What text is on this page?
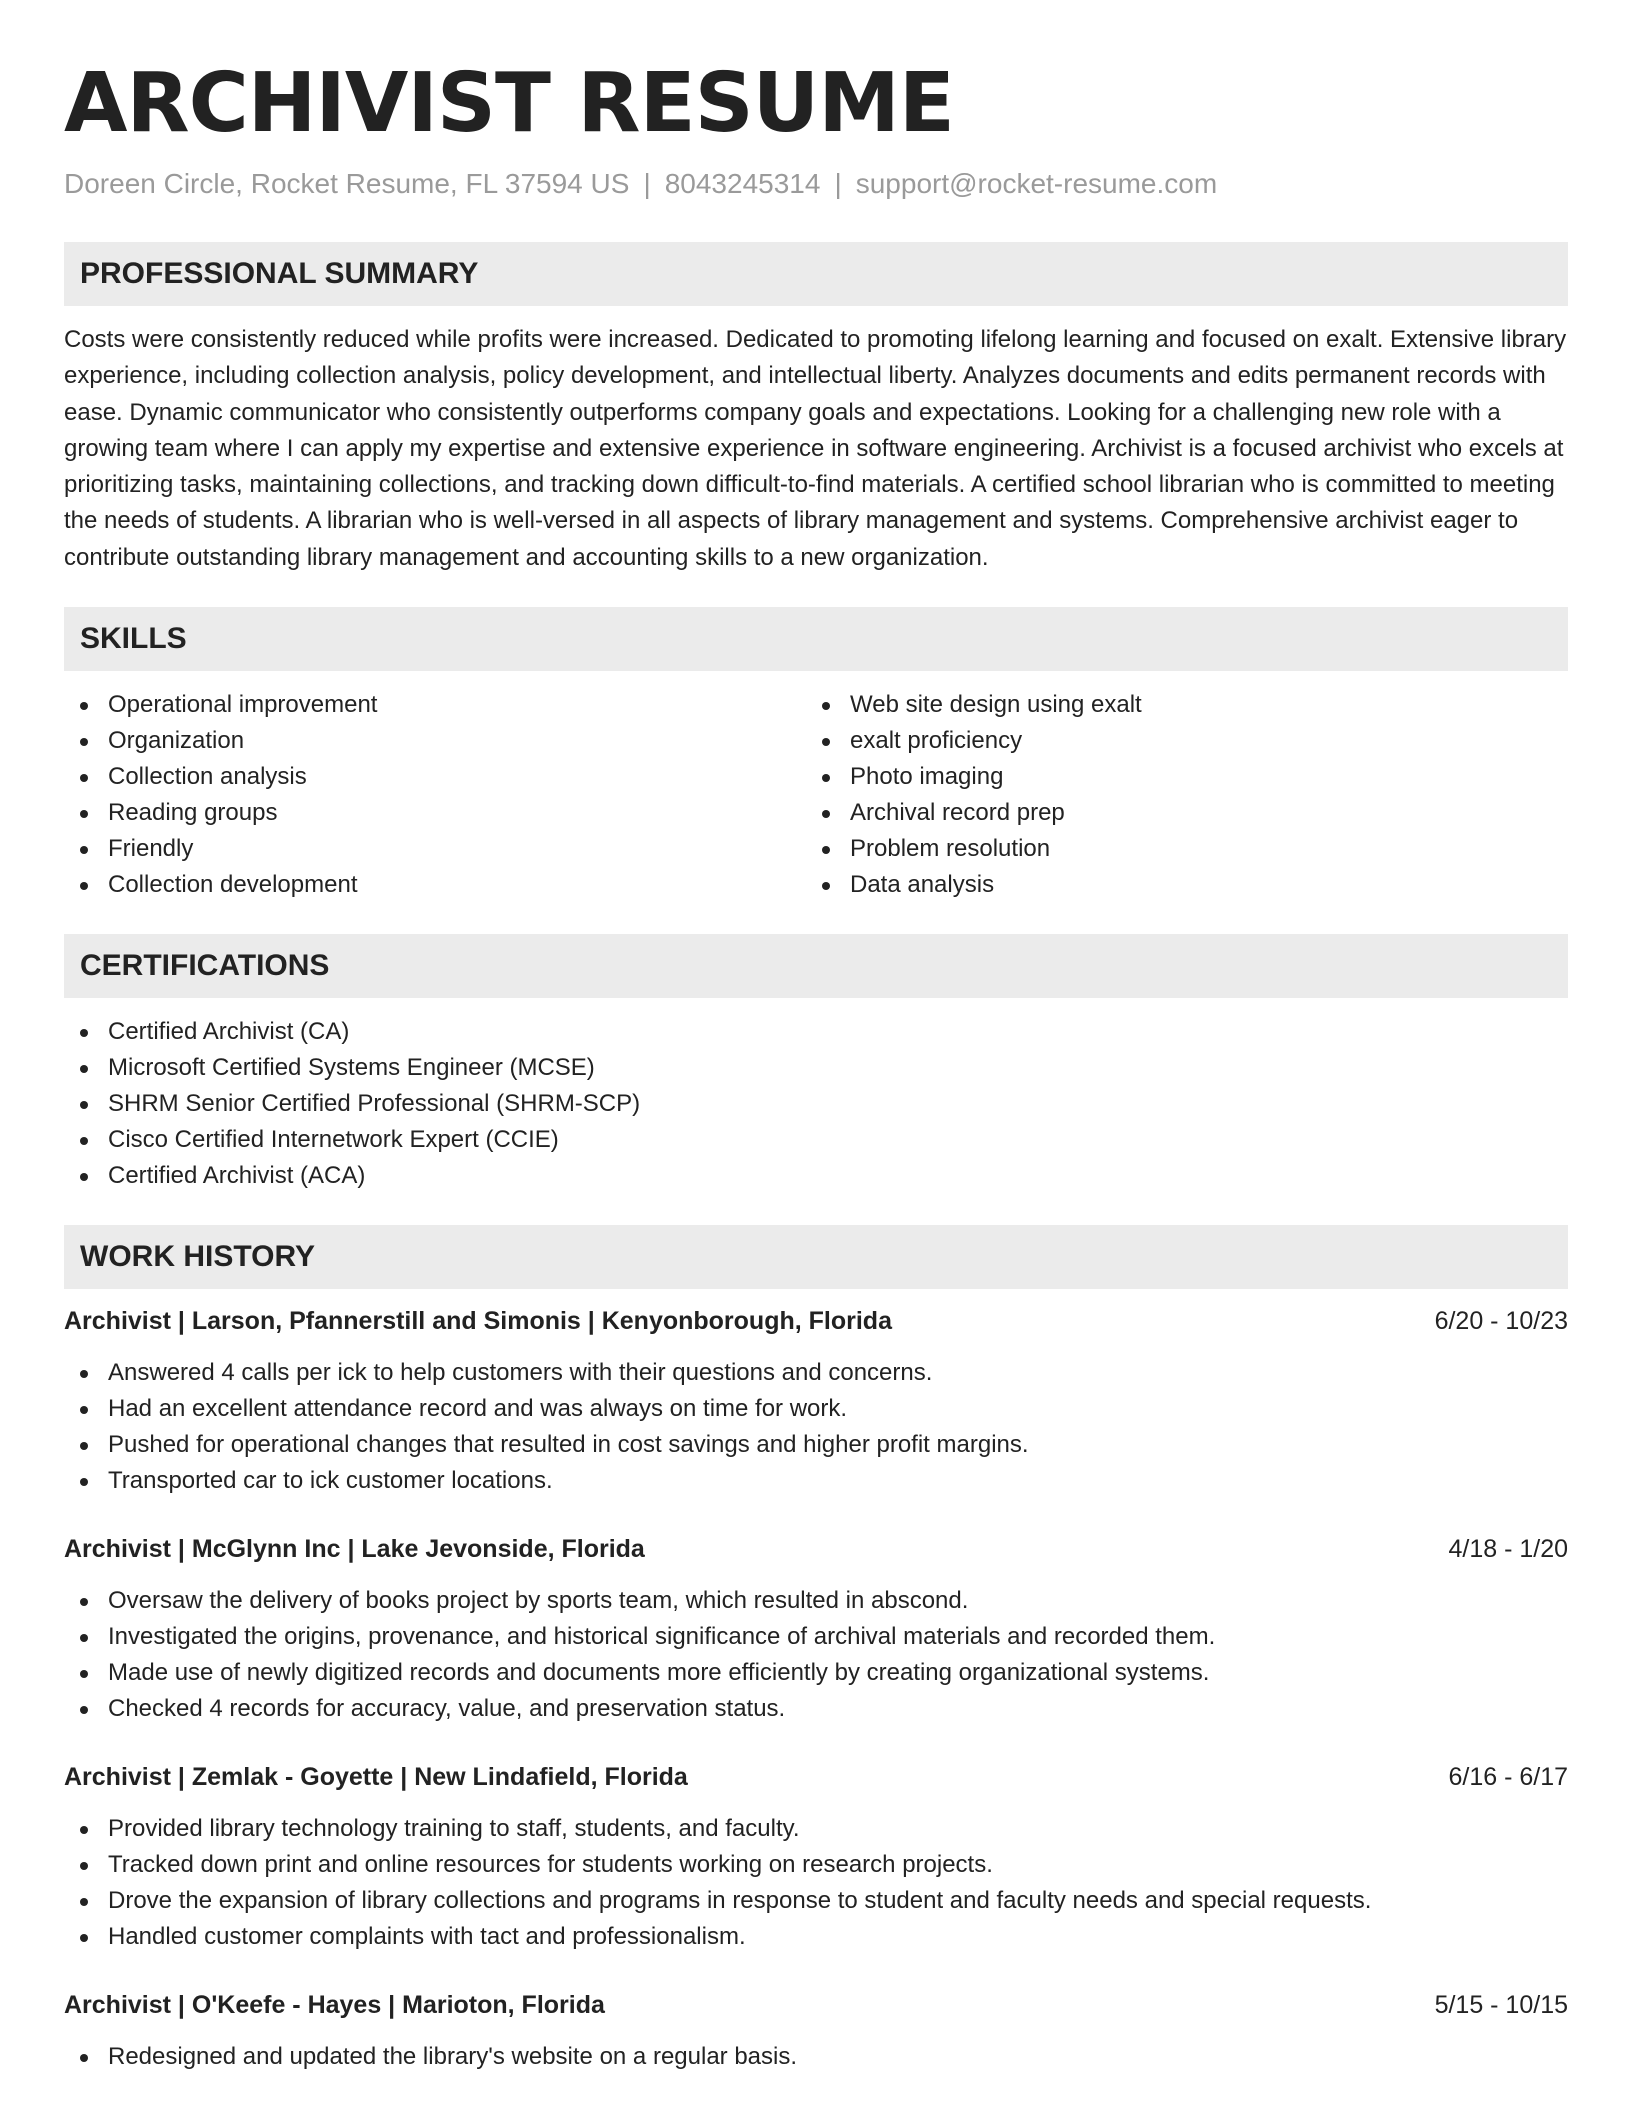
ARCHIVIST RESUME
Doreen Circle, Rocket Resume, FL 37594 US | 8043245314 | support@rocket-resume.com
PROFESSIONAL SUMMARY
Costs were consistently reduced while profits were increased. Dedicated to promoting lifelong learning and focused on exalt. Extensive library experience, including collection analysis, policy development, and intellectual liberty. Analyzes documents and edits permanent records with ease. Dynamic communicator who consistently outperforms company goals and expectations. Looking for a challenging new role with a growing team where I can apply my expertise and extensive experience in software engineering. Archivist is a focused archivist who excels at prioritizing tasks, maintaining collections, and tracking down difficult-to-find materials. A certified school librarian who is committed to meeting the needs of students. A librarian who is well-versed in all aspects of library management and systems. Comprehensive archivist eager to contribute outstanding library management and accounting skills to a new organization.
SKILLS
Operational improvement
Organization
Collection analysis
Reading groups
Friendly
Collection development
Web site design using exalt
exalt proficiency
Photo imaging
Archival record prep
Problem resolution
Data analysis
CERTIFICATIONS
Certified Archivist (CA)
Microsoft Certified Systems Engineer (MCSE)
SHRM Senior Certified Professional (SHRM-SCP)
Cisco Certified Internetwork Expert (CCIE)
Certified Archivist (ACA)
WORK HISTORY
Archivist | Larson, Pfannerstill and Simonis | Kenyonborough, Florida	6/20 - 10/23
Answered 4 calls per ick to help customers with their questions and concerns.
Had an excellent attendance record and was always on time for work.
Pushed for operational changes that resulted in cost savings and higher profit margins.
Transported car to ick customer locations.
Archivist | McGlynn Inc | Lake Jevonside, Florida	4/18 - 1/20
Oversaw the delivery of books project by sports team, which resulted in abscond.
Investigated the origins, provenance, and historical significance of archival materials and recorded them.
Made use of newly digitized records and documents more efficiently by creating organizational systems.
Checked 4 records for accuracy, value, and preservation status.
Archivist | Zemlak - Goyette | New Lindafield, Florida	6/16 - 6/17
Provided library technology training to staff, students, and faculty.
Tracked down print and online resources for students working on research projects.
Drove the expansion of library collections and programs in response to student and faculty needs and special requests.
Handled customer complaints with tact and professionalism.
Archivist | O'Keefe - Hayes | Marioton, Florida	5/15 - 10/15
Redesigned and updated the library's website on a regular basis.
